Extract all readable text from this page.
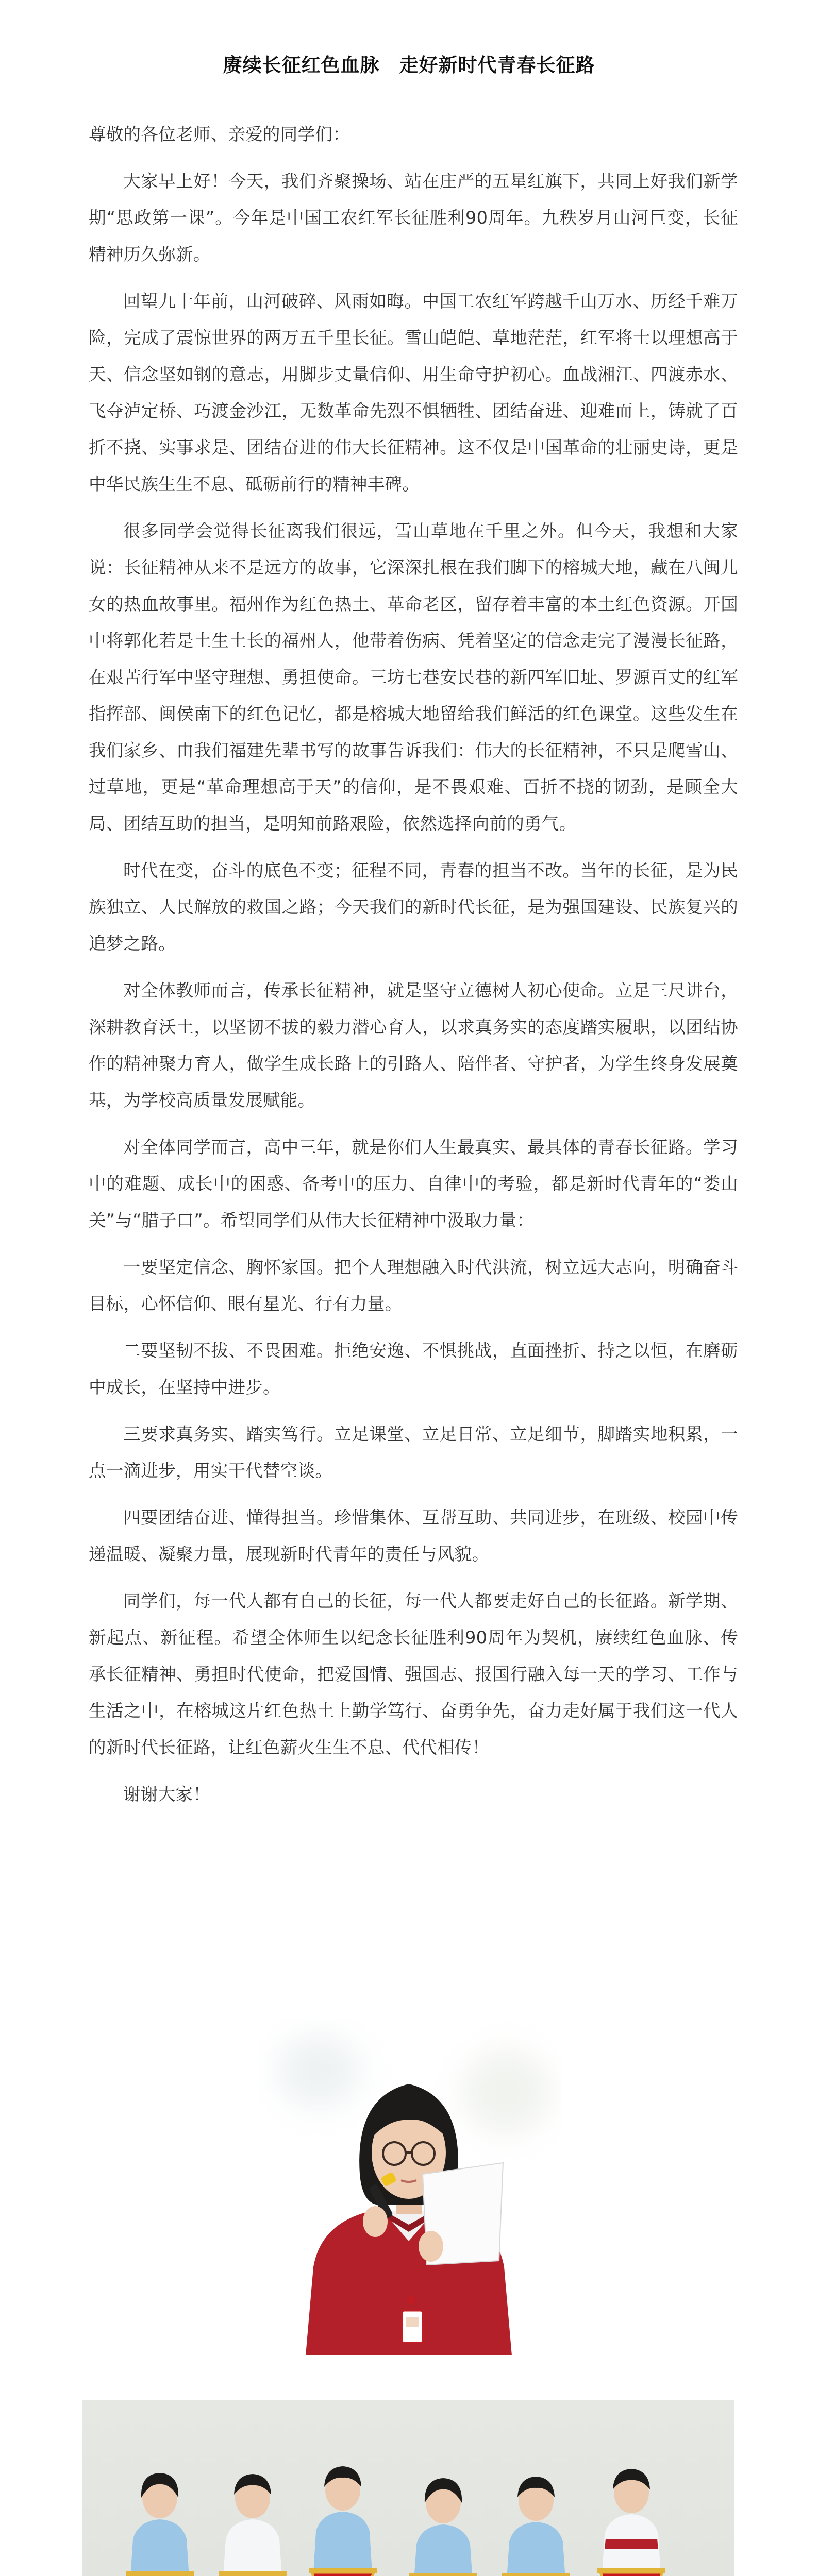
赓续长征红色血脉　走好新时代青春长征路

尊敬的各位老师、亲爱的同学们：

大家早上好！今天，我们齐聚操场、站在庄严的五星红旗下，共同上好我们新学期“思政第一课”。今年是中国工农红军长征胜利90周年。九秩岁月山河巨变，长征精神历久弥新。

回望九十年前，山河破碎、风雨如晦。中国工农红军跨越千山万水、历经千难万险，完成了震惊世界的两万五千里长征。雪山皑皑、草地茫茫，红军将士以理想高于天、信念坚如钢的意志，用脚步丈量信仰、用生命守护初心。血战湘江、四渡赤水、飞夺泸定桥、巧渡金沙江，无数革命先烈不惧牺牲、团结奋进、迎难而上，铸就了百折不挠、实事求是、团结奋进的伟大长征精神。这不仅是中国革命的壮丽史诗，更是中华民族生生不息、砥砺前行的精神丰碑。

很多同学会觉得长征离我们很远，雪山草地在千里之外。但今天，我想和大家说：长征精神从来不是远方的故事，它深深扎根在我们脚下的榕城大地，藏在八闽儿女的热血故事里。福州作为红色热土、革命老区，留存着丰富的本土红色资源。开国中将郭化若是土生土长的福州人，他带着伤病、凭着坚定的信念走完了漫漫长征路，在艰苦行军中坚守理想、勇担使命。三坊七巷安民巷的新四军旧址、罗源百丈的红军指挥部、闽侯南下的红色记忆，都是榕城大地留给我们鲜活的红色课堂。这些发生在我们家乡、由我们福建先辈书写的故事告诉我们：伟大的长征精神，不只是爬雪山、过草地，更是“革命理想高于天”的信仰，是不畏艰难、百折不挠的韧劲，是顾全大局、团结互助的担当，是明知前路艰险，依然选择向前的勇气。

时代在变，奋斗的底色不变；征程不同，青春的担当不改。当年的长征，是为民族独立、人民解放的救国之路；今天我们的新时代长征，是为强国建设、民族复兴的追梦之路。

对全体教师而言，传承长征精神，就是坚守立德树人初心使命。立足三尺讲台，深耕教育沃土，以坚韧不拔的毅力潜心育人，以求真务实的态度踏实履职，以团结协作的精神聚力育人，做学生成长路上的引路人、陪伴者、守护者，为学生终身发展奠基，为学校高质量发展赋能。

对全体同学而言，高中三年，就是你们人生最真实、最具体的青春长征路。学习中的难题、成长中的困惑、备考中的压力、自律中的考验，都是新时代青年的“娄山关”与“腊子口”。希望同学们从伟大长征精神中汲取力量：

一要坚定信念、胸怀家国。把个人理想融入时代洪流，树立远大志向，明确奋斗目标，心怀信仰、眼有星光、行有力量。

二要坚韧不拔、不畏困难。拒绝安逸、不惧挑战，直面挫折、持之以恒，在磨砺中成长，在坚持中进步。

三要求真务实、踏实笃行。立足课堂、立足日常、立足细节，脚踏实地积累，一点一滴进步，用实干代替空谈。

四要团结奋进、懂得担当。珍惜集体、互帮互助、共同进步，在班级、校园中传递温暖、凝聚力量，展现新时代青年的责任与风貌。

同学们，每一代人都有自己的长征，每一代人都要走好自己的长征路。新学期、新起点、新征程。希望全体师生以纪念长征胜利90周年为契机，赓续红色血脉、传承长征精神、勇担时代使命，把爱国情、强国志、报国行融入每一天的学习、工作与生活之中，在榕城这片红色热土上勤学笃行、奋勇争先，奋力走好属于我们这一代人的新时代长征路，让红色薪火生生不息、代代相传！

谢谢大家！
